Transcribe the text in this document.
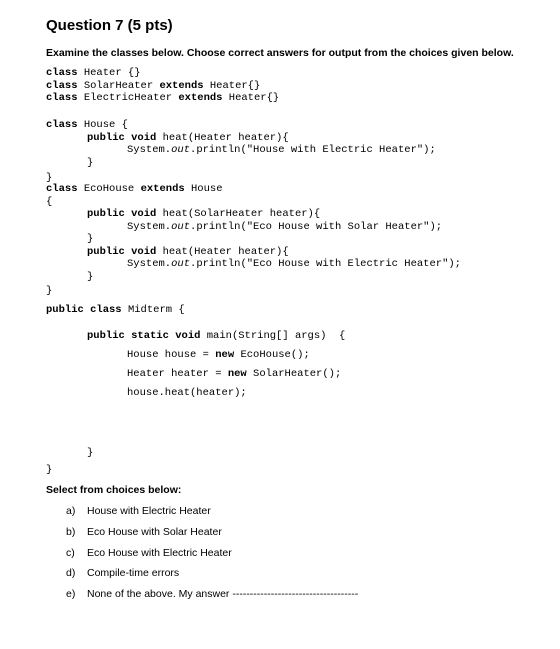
Question 7 (5 pts)
Examine the classes below. Choose correct answers for output from the choices given below.
class Heater {}
class SolarHeater extends Heater{}
class ElectricHeater extends Heater{}
class House {
public void heat(Heater heater){
System.out.println("House with Electric Heater");
}
}
class EcoHouse extends House
{
public void heat(SolarHeater heater){
System.out.println("Eco House with Solar Heater");
}
public void heat(Heater heater){
System.out.println("Eco House with Electric Heater");
}
}
public class Midterm {
public static void main(String[] args)  {
House house = new EcoHouse();
Heater heater = new SolarHeater();
house.heat(heater);
}
}
Select from choices below:
a) House with Electric Heater
b) Eco House with Solar Heater
c) Eco House with Electric Heater
d) Compile-time errors
e) None of the above. My answer ------------------------------------
